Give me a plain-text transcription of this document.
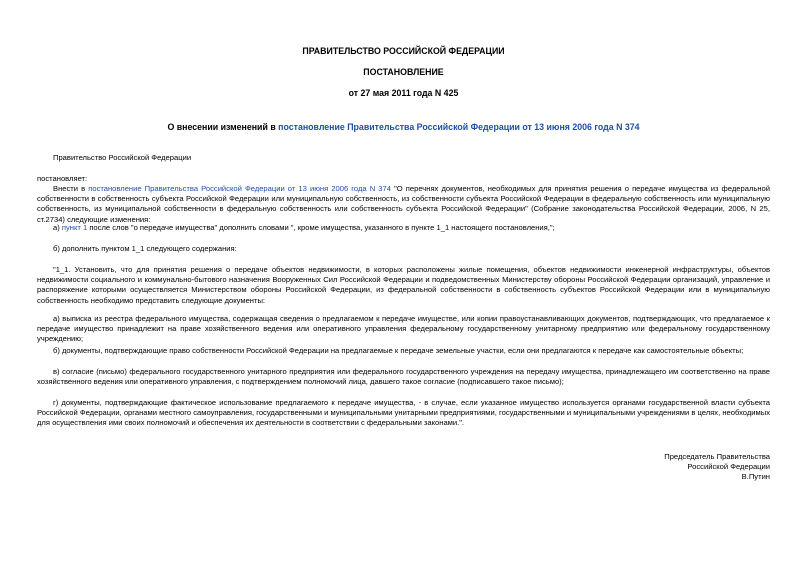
ПРАВИТЕЛЬСТВО РОССИЙСКОЙ ФЕДЕРАЦИИ
ПОСТАНОВЛЕНИЕ
от 27 мая 2011 года N 425
О внесении изменений в постановление Правительства Российской Федерации от 13 июня 2006 года N 374
Правительство Российской Федерации
постановляет:
Внести в постановление Правительства Российской Федерации от 13 июня 2006 года N 374 "О перечнях документов, необходимых для принятия решения о передаче имущества из федеральной собственности в собственность субъекта Российской Федерации или муниципальную собственность, из собственности субъекта Российской Федерации в федеральную собственность или муниципальную собственность, из муниципальной собственности в федеральную собственность или собственность субъекта Российской Федерации" (Собрание законодательства Российской Федерации, 2006, N 25, ст.2734) следующие изменения:
а) пункт 1 после слов "о передаче имущества" дополнить словами ", кроме имущества, указанного в пункте 1_1 настоящего постановления,";
б) дополнить пунктом 1_1 следующего содержания:
"1_1. Установить, что для принятия решения о передаче объектов недвижимости, в которых расположены жилые помещения, объектов недвижимости инженерной инфраструктуры, объектов недвижимости социального и коммунально-бытового назначения Вооруженных Сил Российской Федерации и подведомственных Министерству обороны Российской Федерации организаций, управление и распоряжение которыми осуществляется Министерством обороны Российской Федерации, из федеральной собственности в собственность субъектов Российской Федерации или в муниципальную собственность необходимо представить следующие документы:
а) выписка из реестра федерального имущества, содержащая сведения о предлагаемом к передаче имуществе, или копии правоустанавливающих документов, подтверждающих, что предлагаемое к передаче имущество принадлежит на праве хозяйственного ведения или оперативного управления федеральному государственному унитарному предприятию или федеральному государственному учреждению;
б) документы, подтверждающие право собственности Российской Федерации на предлагаемые к передаче земельные участки, если они предлагаются к передаче как самостоятельные объекты;
в) согласие (письмо) федерального государственного унитарного предприятия или федерального государственного учреждения на передачу имущества, принадлежащего им соответственно на праве хозяйственного ведения или оперативного управления, с подтверждением полномочий лица, давшего такое согласие (подписавшего такое письмо);
г) документы, подтверждающие фактическое использование предлагаемого к передаче имущества, - в случае, если указанное имущество используется органами государственной власти субъекта Российской Федерации, органами местного самоуправления, государственными и муниципальными унитарными предприятиями, государственными и муниципальными учреждениями в целях, необходимых для осуществления ими своих полномочий и обеспечения их деятельности в соответствии с федеральными законами.".
Председатель Правительства
Российской Федерации
В.Путин
